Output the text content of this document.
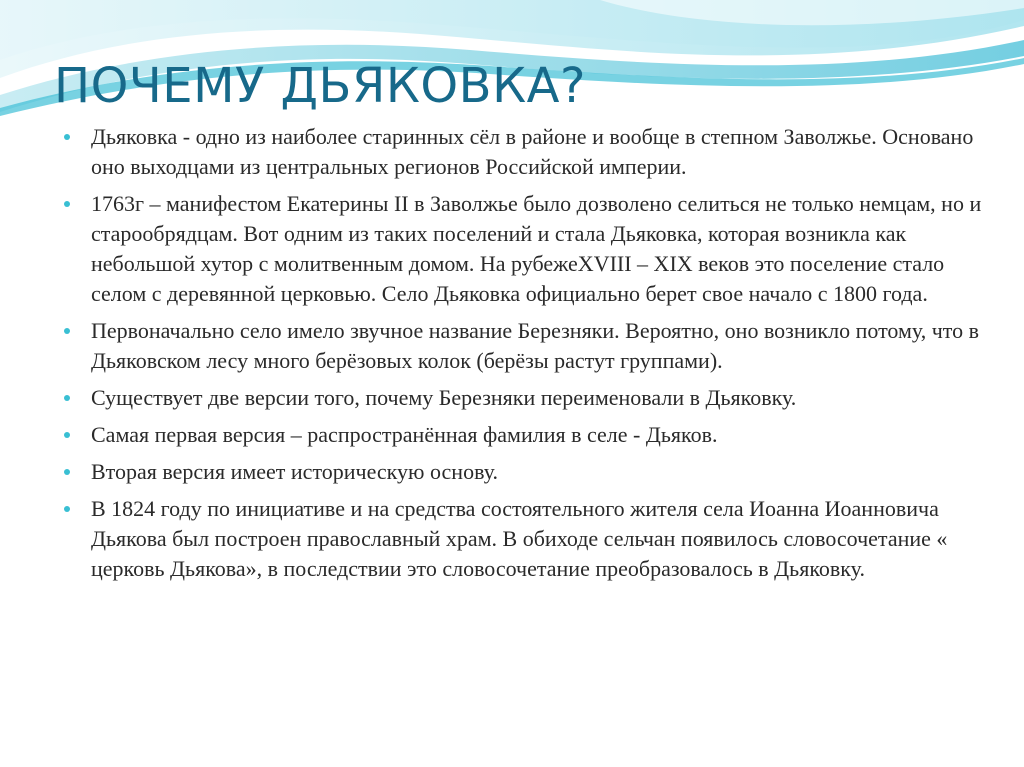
ПОЧЕМУ ДЬЯКОВКА?
Дьяковка - одно из наиболее старинных сёл в районе и вообще в степном Заволжье. Основано оно выходцами из центральных регионов Российской империи.
1763г – манифестом Екатерины II в Заволжье было дозволено селиться не только немцам, но и старообрядцам. Вот одним из таких поселений и стала Дьяковка, которая возникла как небольшой хутор с молитвенным домом. На рубежеXVIII – XIX веков это поселение стало селом с деревянной церковью. Село Дьяковка официально берет свое начало с 1800 года.
Первоначально село имело звучное название Березняки. Вероятно, оно возникло потому, что в Дьяковском лесу много берёзовых колок (берёзы растут группами).
Существует две версии того, почему Березняки переименовали в Дьяковку.
Самая первая версия – распространённая фамилия в селе - Дьяков.
Вторая версия имеет историческую основу.
В 1824 году по инициативе и на средства состоятельного жителя села Иоанна Иоанновича Дьякова был построен православный храм. В обиходе сельчан появилось словосочетание « церковь Дьякова», в последствии это словосочетание преобразовалось в Дьяковку.
